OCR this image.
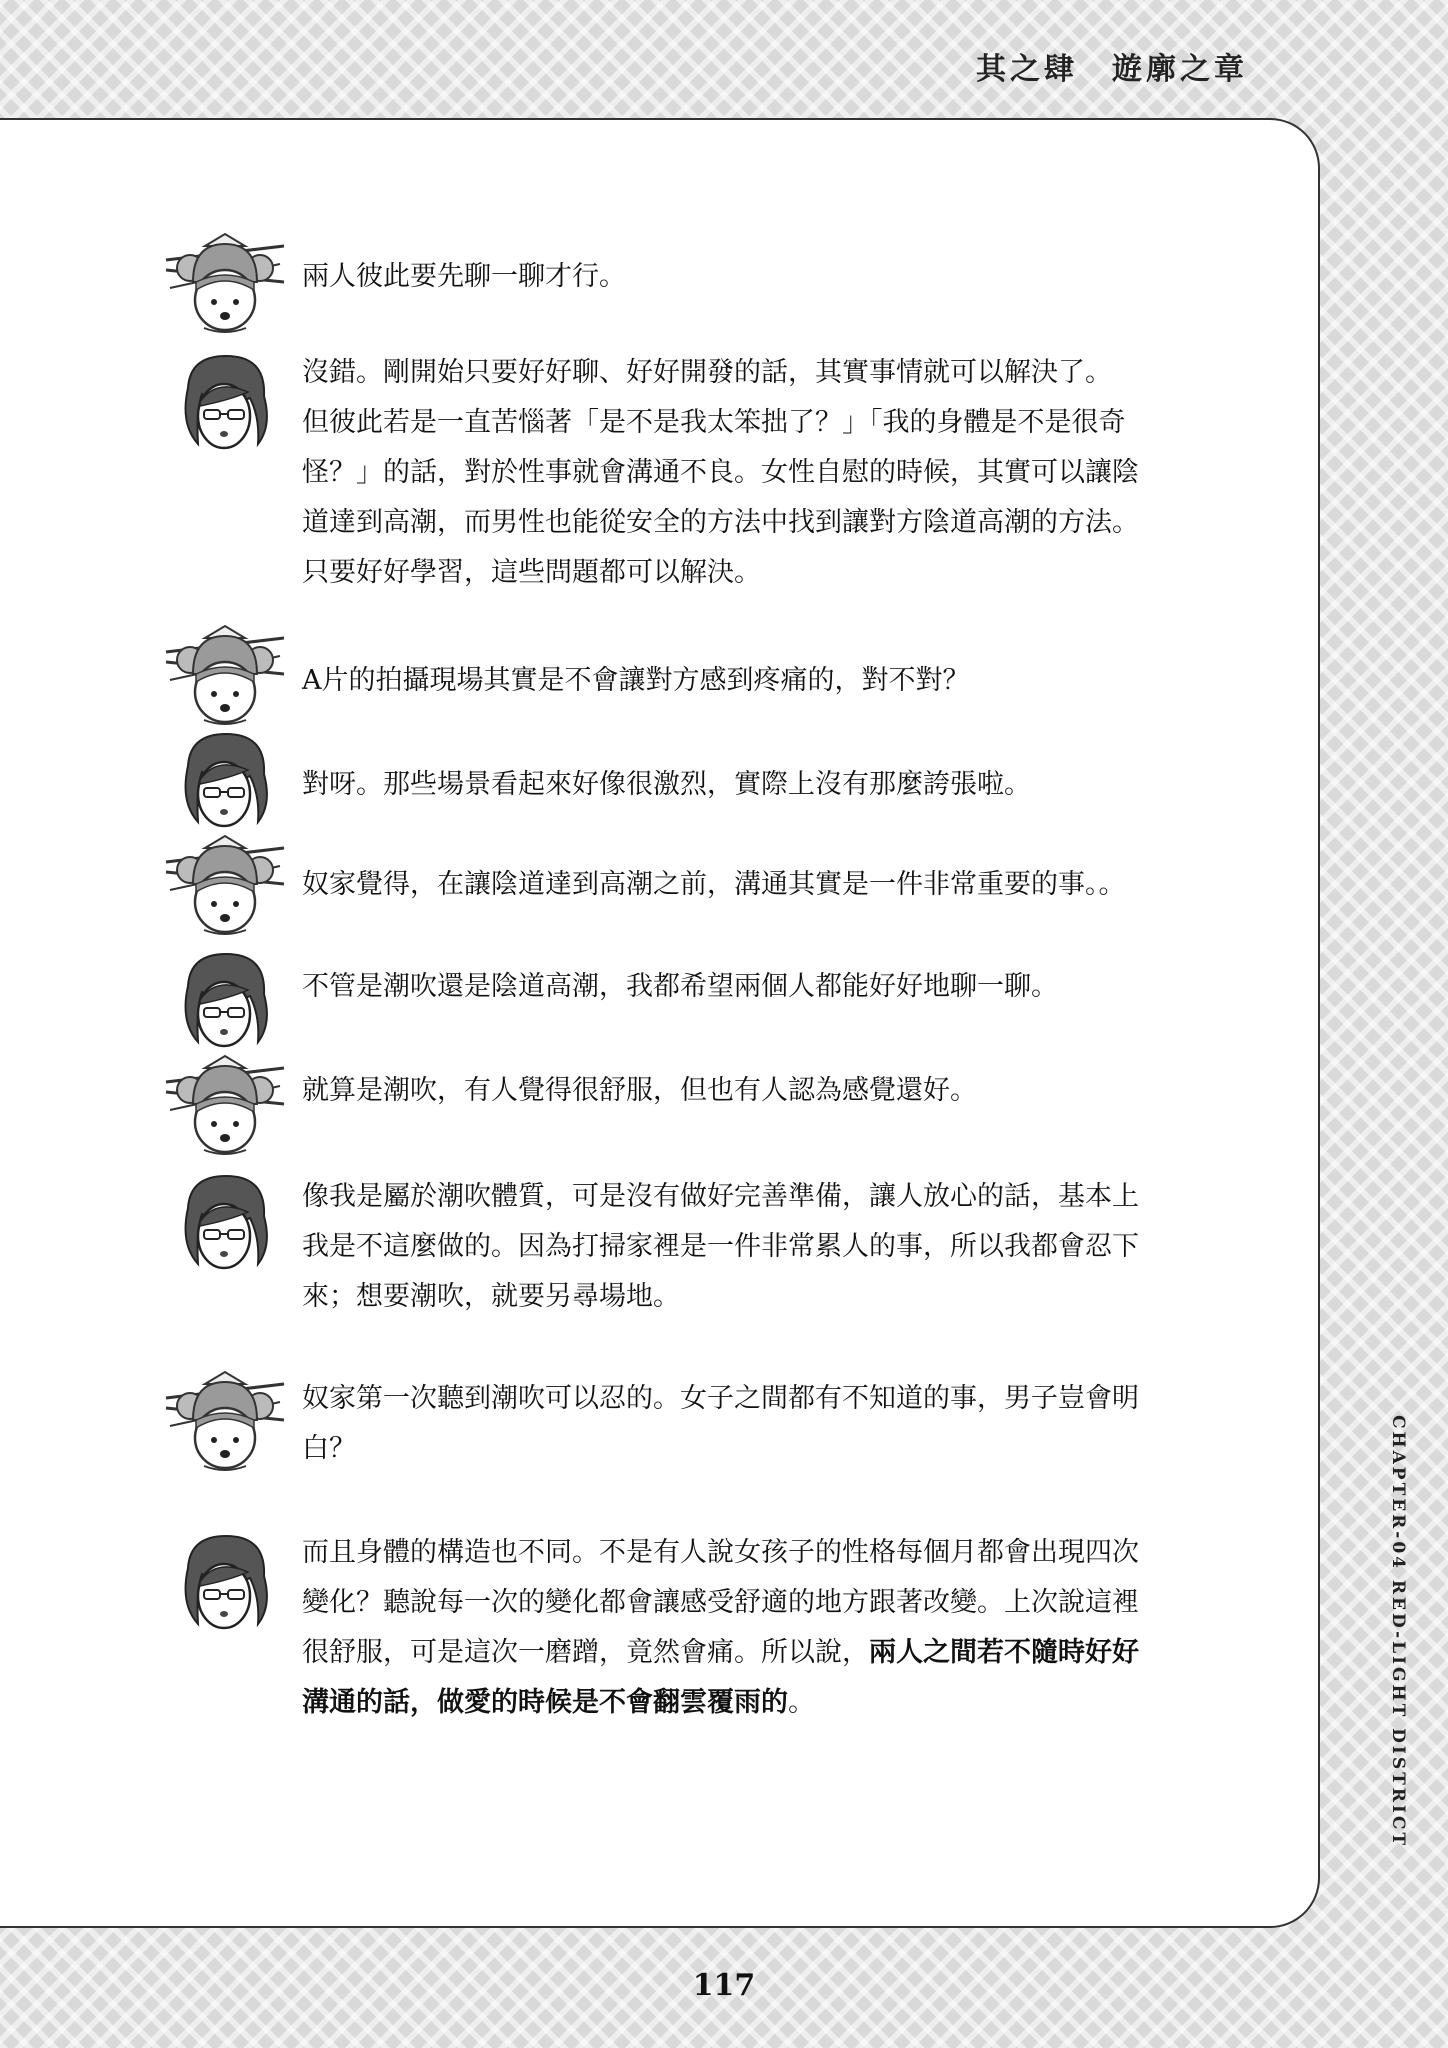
其之肆　遊廓之章
CHAPTER-04 RED-LIGHT DISTRICT

兩人彼此要先聊一聊才行。

沒錯。剛開始只要好好聊、好好開發的話，其實事情就可以解決了。
但彼此若是一直苦惱著「是不是我太笨拙了？」「我的身體是不是很奇
怪？」的話，對於性事就會溝通不良。女性自慰的時候，其實可以讓陰
道達到高潮，而男性也能從安全的方法中找到讓對方陰道高潮的方法。
只要好好學習，這些問題都可以解決。

A片的拍攝現場其實是不會讓對方感到疼痛的，對不對？

對呀。那些場景看起來好像很激烈，實際上沒有那麼誇張啦。

奴家覺得，在讓陰道達到高潮之前，溝通其實是一件非常重要的事。。

不管是潮吹還是陰道高潮，我都希望兩個人都能好好地聊一聊。

就算是潮吹，有人覺得很舒服，但也有人認為感覺還好。

像我是屬於潮吹體質，可是沒有做好完善準備，讓人放心的話，基本上
我是不這麼做的。因為打掃家裡是一件非常累人的事，所以我都會忍下
來；想要潮吹，就要另尋場地。

奴家第一次聽到潮吹可以忍的。女子之間都有不知道的事，男子豈會明
白？

而且身體的構造也不同。不是有人說女孩子的性格每個月都會出現四次
變化？聽說每一次的變化都會讓感受舒適的地方跟著改變。上次說這裡
很舒服，可是這次一磨蹭，竟然會痛。所以說，兩人之間若不隨時好好
溝通的話，做愛的時候是不會翻雲覆雨的。

117
